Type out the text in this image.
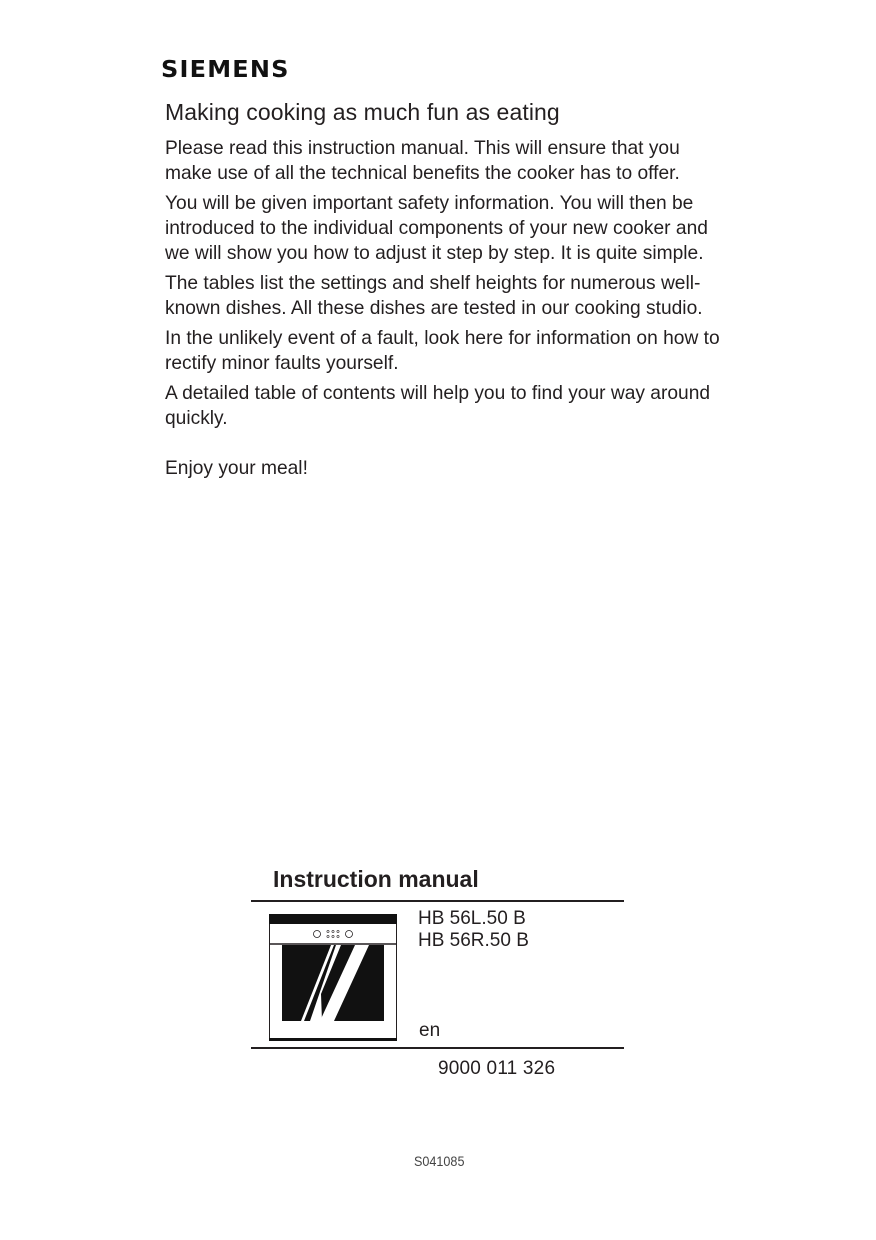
SIEMENS
Making cooking as much fun as eating

Please read this instruction manual. This will ensure that you make use of all the technical benefits the cooker has to offer.

You will be given important safety information. You will then be introduced to the individual components of your new cooker and we will show you how to adjust it step by step. It is quite simple.

The tables list the settings and shelf heights for numerous well-known dishes. All these dishes are tested in our cooking studio.

In the unlikely event of a fault, look here for information on how to rectify minor faults yourself.

A detailed table of contents will help you to find your way around quickly.

Enjoy your meal!

Instruction manual
HB 56L.50 B
HB 56R.50 B
en
9000 011 326
S041085
